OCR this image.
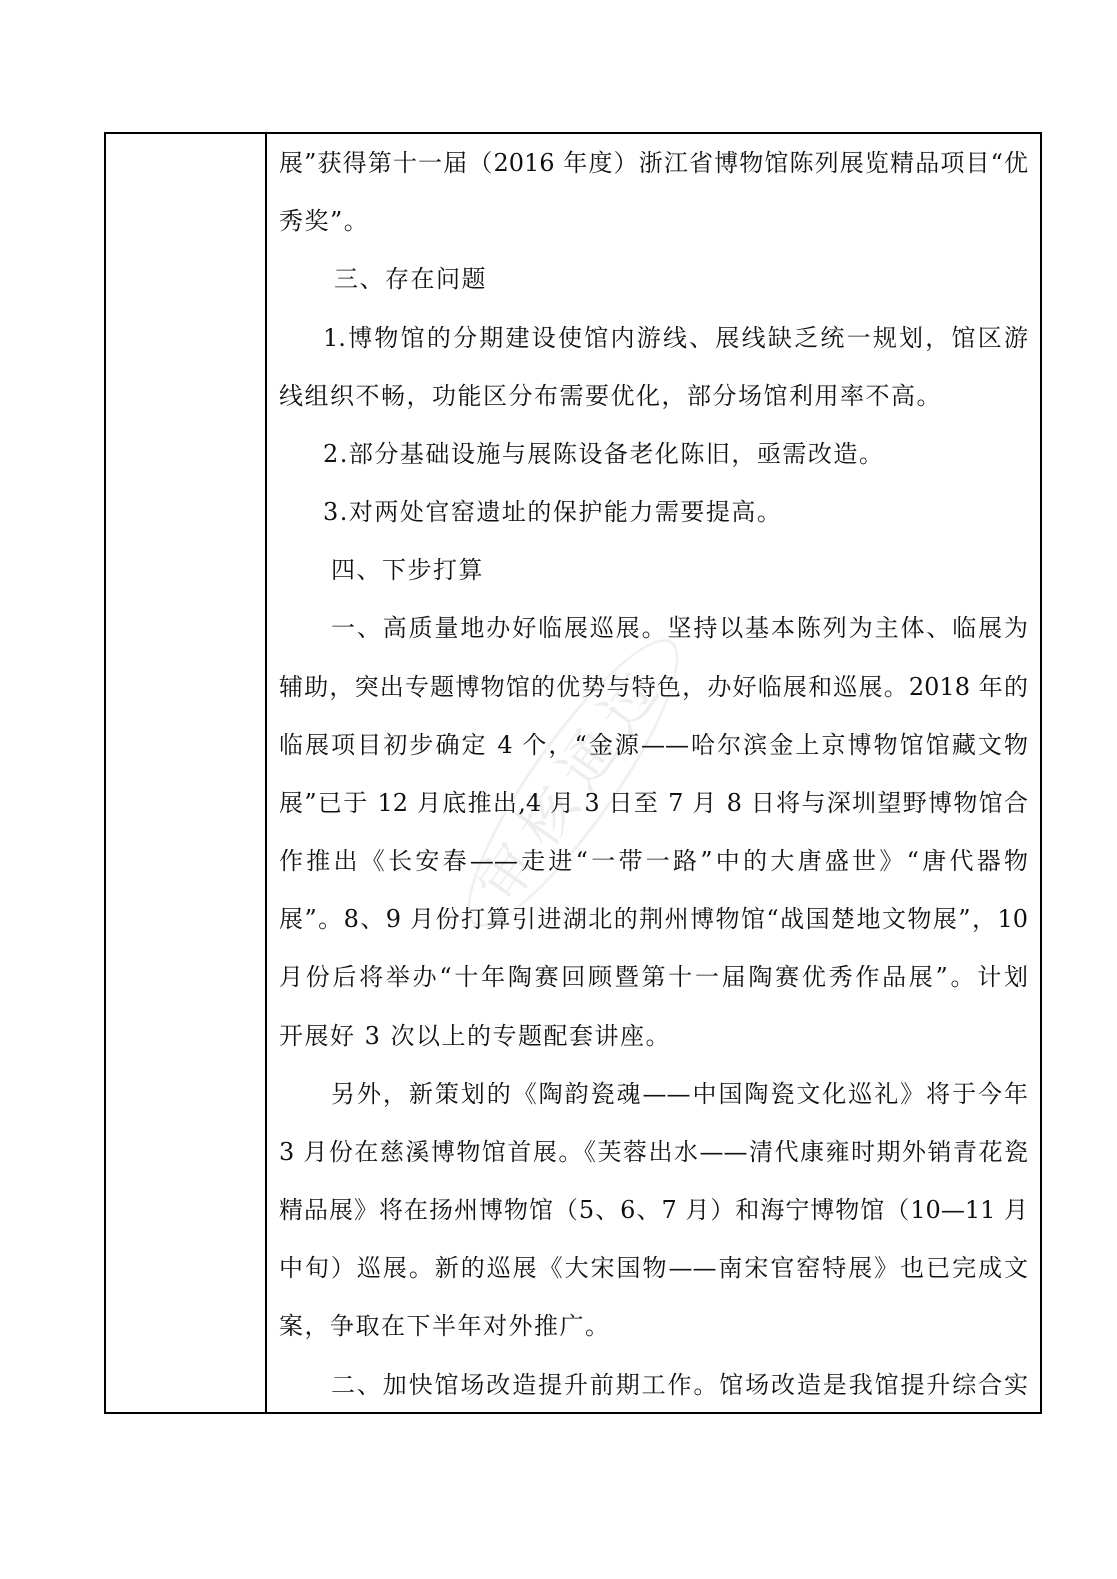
展”获得第十一届（2016 年度）浙江省博物馆陈列展览精品项目“优
秀奖”。
三、存在问题
1.博物馆的分期建设使馆内游线、展线缺乏统一规划，馆区游
线组织不畅，功能区分布需要优化，部分场馆利用率不高。
2.部分基础设施与展陈设备老化陈旧，亟需改造。
3.对两处官窑遗址的保护能力需要提高。
四、下步打算
一、高质量地办好临展巡展。坚持以基本陈列为主体、临展为
辅助，突出专题博物馆的优势与特色，办好临展和巡展。2018 年的
临展项目初步确定 4 个，“金源——哈尔滨金上京博物馆馆藏文物
展”已于 12 月底推出,4 月 3 日至 7 月 8 日将与深圳望野博物馆合
作推出《长安春——走进“一带一路”中的大唐盛世》“唐代器物
展”。8、9 月份打算引进湖北的荆州博物馆“战国楚地文物展”，10
月份后将举办“十年陶赛回顾暨第十一届陶赛优秀作品展”。计划
开展好 3 次以上的专题配套讲座。
另外，新策划的《陶韵瓷魂——中国陶瓷文化巡礼》将于今年
3 月份在慈溪博物馆首展。《芙蓉出水——清代康雍时期外销青花瓷
精品展》将在扬州博物馆（5、6、7 月）和海宁博物馆（10—11 月
中旬）巡展。新的巡展《大宋国物——南宋官窑特展》也已完成文
案，争取在下半年对外推广。
二、加快馆场改造提升前期工作。馆场改造是我馆提升综合实
审核通过
